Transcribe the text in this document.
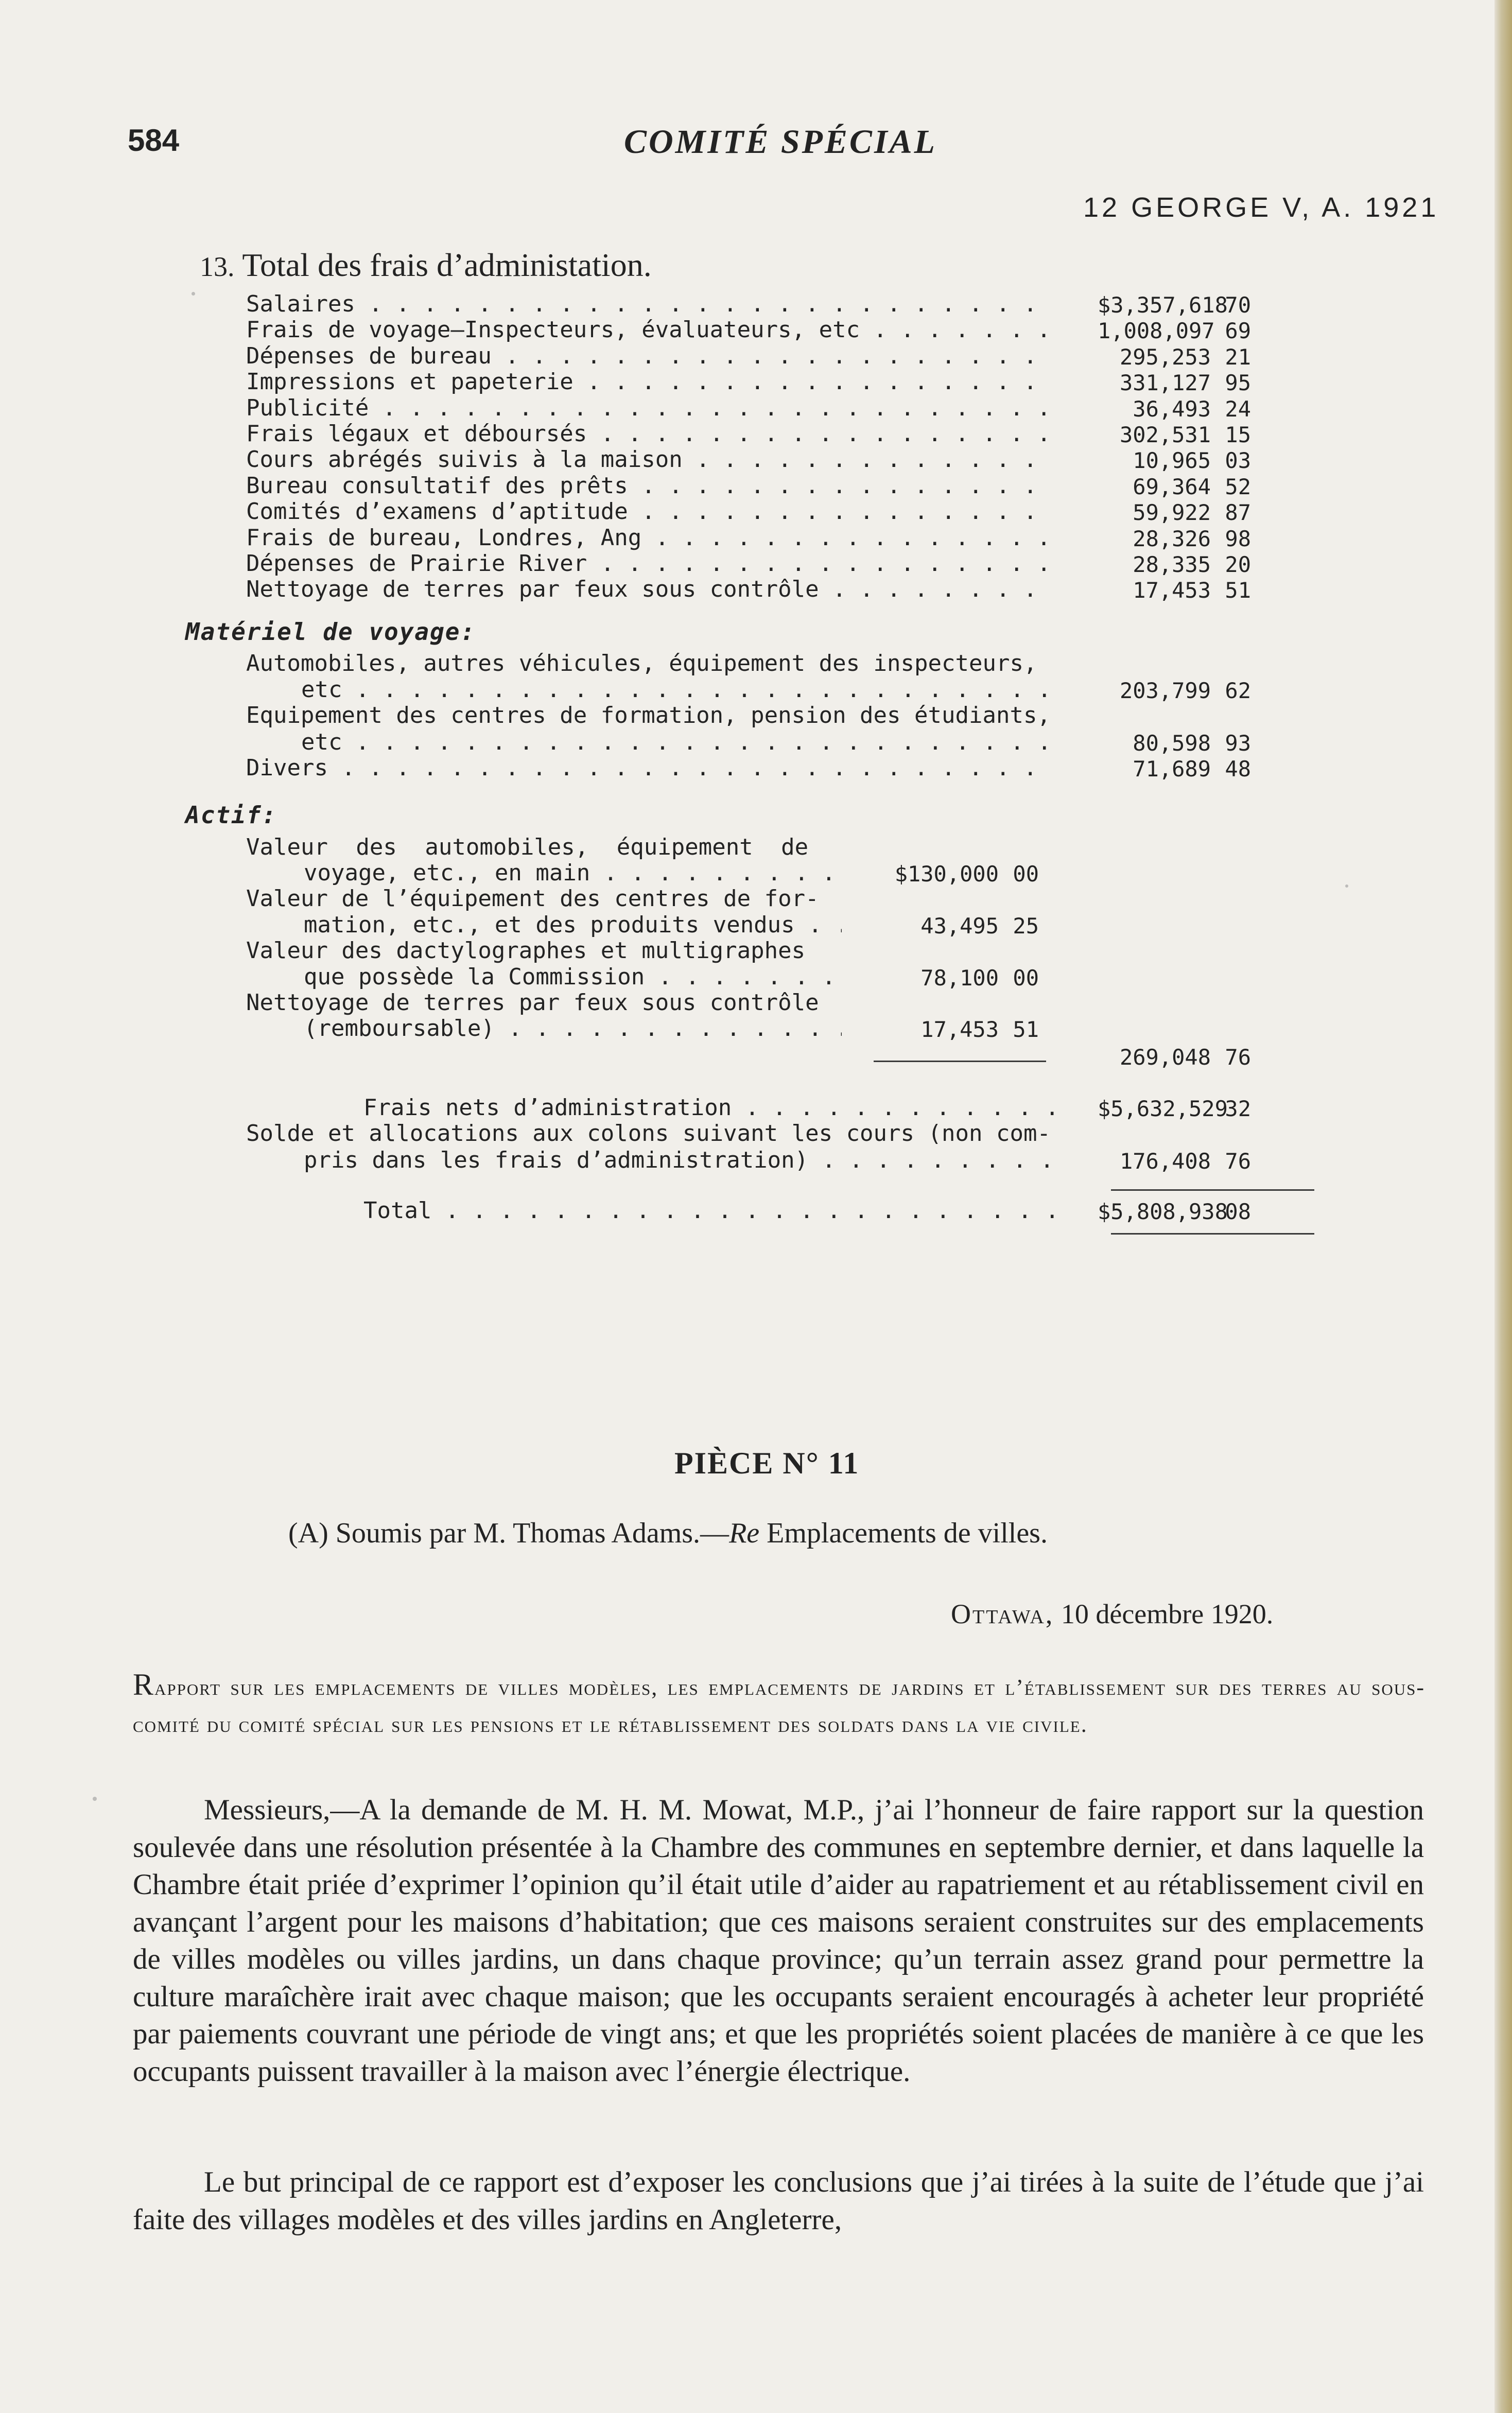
584	COMITÉ SPÉCIAL
12 GEORGE V, A. 1921
13. Total des frais d’administation.
Salaires . . .	$3,357,61870
Frais de voyage—Inspecteurs, évaluateurs, etc . . .	1,008,097 69
Dépenses de bureau . . .	295,253 21
Impressions et papeterie . . .	331,127 95
Publicité . . .	36,493 24
Frais légaux et déboursés . . .	302,531 15
Cours abrégés suivis à la maison . . .	10,965 03
Bureau consultatif des prêts . . .	69,364 52
Comités d’examens d’aptitude . . .	59,922 87
Frais de bureau, Londres, Ang . . .	28,326 98
Dépenses de Prairie River . . .	28,335 20
Nettoyage de terres par feux sous contrôle . . .	17,453 51
Matériel de voyage:
Automobiles, autres véhicules, équipement des inspecteurs,
etc . . .	203,799 62
Equipement des centres de formation, pension des étudiants,
etc . . .	80,598 93
Divers . . .	71,689 48
Actif:
Valeur des automobiles, équipement de
voyage, etc., en main . . .	$130,000 00
Valeur de l’équipement des centres de for-
mation, etc., et des produits vendus . . .	43,495 25
Valeur des dactylographes et multigraphes
que possède la Commission . . .	78,100 00
Nettoyage de terres par feux sous contrôle
(remboursable) . . .	17,453 51
269,048 76
Frais nets d’administration . . .	$5,632,52932
Solde et allocations aux colons suivant les cours (non com-
pris dans les frais d’administration) . . .	176,408 76
Total . . .	$5,808,93808
PIÈCE N° 11
(A) Soumis par M. Thomas Adams.—Re Emplacements de villes.
Ottawa, 10 décembre 1920.
Rapport sur les emplacements de villes modèles, les emplacements de jardins et l’établissement sur des terres au sous-comité du comité spécial sur les pensions et le rétablissement des soldats dans la vie civile.
Messieurs,—A la demande de M. H. M. Mowat, M.P., j’ai l’honneur de faire rapport sur la question soulevée dans une résolution présentée à la Chambre des communes en septembre dernier, et dans laquelle la Chambre était priée d’exprimer l’opinion qu’il était utile d’aider au rapatriement et au rétablissement civil en avançant l’argent pour les maisons d’habitation; que ces maisons seraient construites sur des emplacements de villes modèles ou villes jardins, un dans chaque province; qu’un terrain assez grand pour permettre la culture maraîchère irait avec chaque maison; que les occupants seraient encouragés à acheter leur propriété par paiements couvrant une période de vingt ans; et que les propriétés soient placées de manière à ce que les occupants puissent travailler à la maison avec l’énergie électrique.
Le but principal de ce rapport est d’exposer les conclusions que j’ai tirées à la suite de l’étude que j’ai faite des villages modèles et des villes jardins en Angleterre,
